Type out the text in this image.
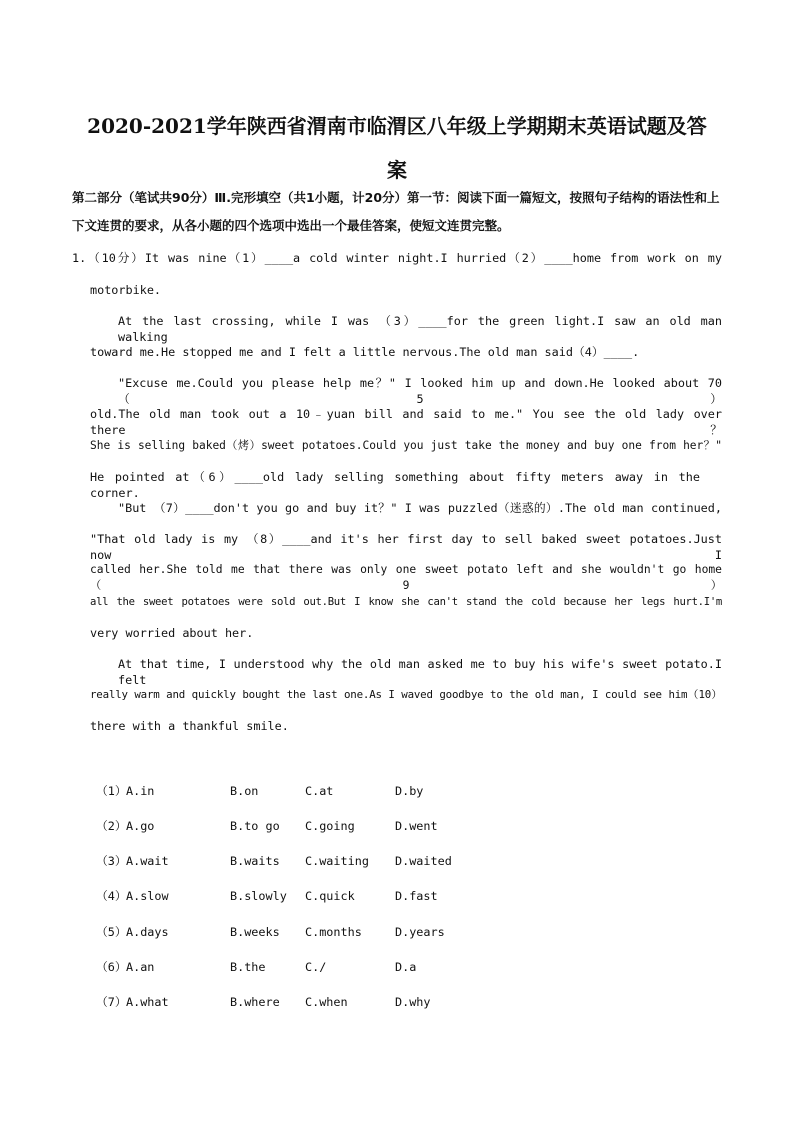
2020-2021学年陕西省渭南市临渭区八年级上学期期末英语试题及答
案

第二部分（笔试共90分）Ⅲ.完形填空（共1小题，计20分）第一节：阅读下面一篇短文，按照句子结构的语法性和上下文连贯的要求，从各小题的四个选项中选出一个最佳答案，使短文连贯完整。

1.（10分）It was nine（1）____a cold winter night.I hurried（2）____home from work on my
motorbike.
At the last crossing, while I was （3）____for the green light.I saw an old man walking
toward me.He stopped me and I felt a little nervous.The old man said（4）____.
"Excuse me.Could you please help me？" I looked him up and down.He looked about 70（5）
old.The old man took out a 10﹣yuan bill and said to me." You see the old lady over there？
She is selling baked（烤）sweet potatoes.Could you just take the money and buy one from her？"
He pointed at（6）____old lady selling something about fifty meters away in the corner.
"But （7）____don't you go and buy it？" I was puzzled（迷惑的）.The old man continued,
"That old lady is my （8）____and it's her first day to sell baked sweet potatoes.Just now I
called her.She told me that there was only one sweet potato left and she wouldn't go home （9）
all the sweet potatoes were sold out.But I know she can't stand the cold because her legs hurt.I'm
very worried about her.
At that time, I understood why the old man asked me to buy his wife's sweet potato.I felt
really warm and quickly bought the last one.As I waved goodbye to the old man, I could see him（10）
there with a thankful smile.
（1） A.in	B.on	C.at	D.by
（2） A.go	B.to go C.going	D.went
（3） A.wait	B.waits C.waiting D.waited
（4） A.slow	B.slowly C.quick	D.fast
（5） A.days	B.weeks C.months	D.years
（6） A.an	B.the	C./	D.a
（7） A.what	B.where C.when	D.why
